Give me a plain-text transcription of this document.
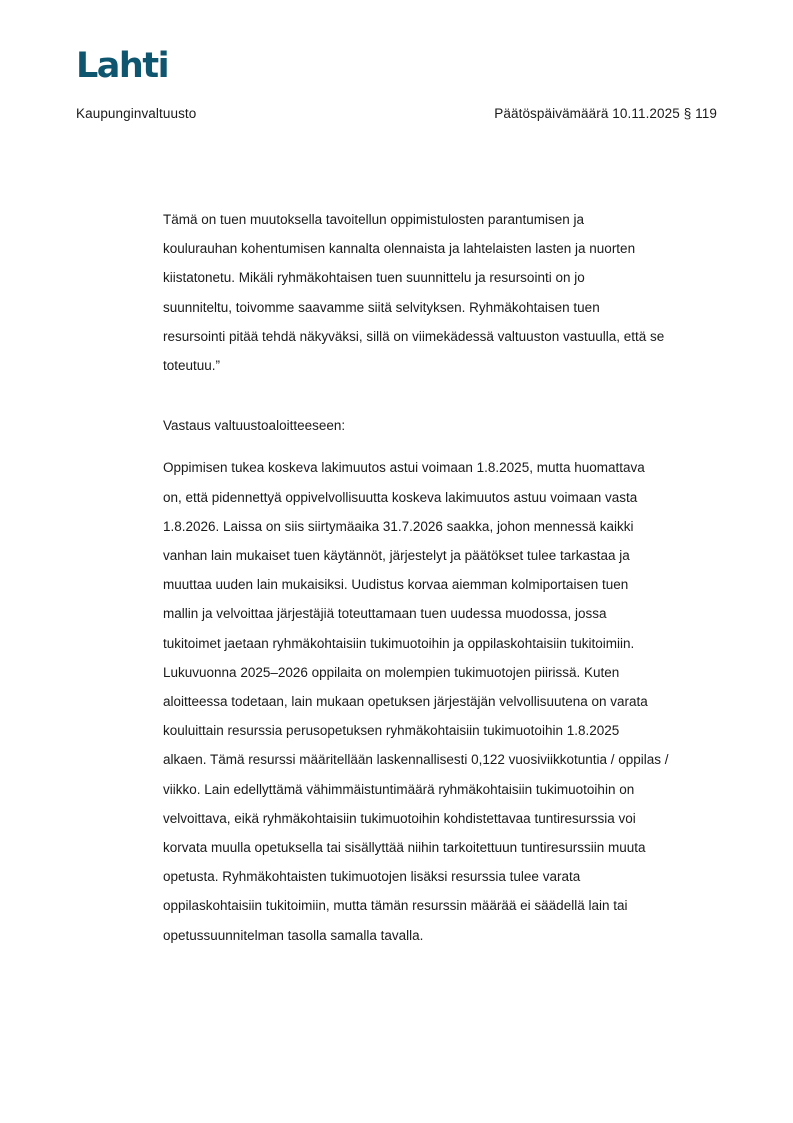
Lahti
Kaupunginvaltuusto	Päätöspäivämäärä 10.11.2025 § 119

Tämä on tuen muutoksella tavoitellun oppimistulosten parantumisen ja
koulurauhan kohentumisen kannalta olennaista ja lahtelaisten lasten ja nuorten
kiistatonetu. Mikäli ryhmäkohtaisen tuen suunnittelu ja resursointi on jo
suunniteltu, toivomme saavamme siitä selvityksen. Ryhmäkohtaisen tuen
resursointi pitää tehdä näkyväksi, sillä on viimekädessä valtuuston vastuulla, että se
toteutuu.”

Vastaus valtuustoaloitteeseen:

Oppimisen tukea koskeva lakimuutos astui voimaan 1.8.2025, mutta huomattava
on, että pidennettyä oppivelvollisuutta koskeva lakimuutos astuu voimaan vasta
1.8.2026. Laissa on siis siirtymäaika 31.7.2026 saakka, johon mennessä kaikki
vanhan lain mukaiset tuen käytännöt, järjestelyt ja päätökset tulee tarkastaa ja
muuttaa uuden lain mukaisiksi. Uudistus korvaa aiemman kolmiportaisen tuen
mallin ja velvoittaa järjestäjiä toteuttamaan tuen uudessa muodossa, jossa
tukitoimet jaetaan ryhmäkohtaisiin tukimuotoihin ja oppilaskohtaisiin tukitoimiin.
Lukuvuonna 2025–2026 oppilaita on molempien tukimuotojen piirissä. Kuten
aloitteessa todetaan, lain mukaan opetuksen järjestäjän velvollisuutena on varata
kouluittain resurssia perusopetuksen ryhmäkohtaisiin tukimuotoihin 1.8.2025
alkaen. Tämä resurssi määritellään laskennallisesti 0,122 vuosiviikkotuntia / oppilas /
viikko. Lain edellyttämä vähimmäistuntimäärä ryhmäkohtaisiin tukimuotoihin on
velvoittava, eikä ryhmäkohtaisiin tukimuotoihin kohdistettavaa tuntiresurssia voi
korvata muulla opetuksella tai sisällyttää niihin tarkoitettuun tuntiresurssiin muuta
opetusta. Ryhmäkohtaisten tukimuotojen lisäksi resurssia tulee varata
oppilaskohtaisiin tukitoimiin, mutta tämän resurssin määrää ei säädellä lain tai
opetussuunnitelman tasolla samalla tavalla.
